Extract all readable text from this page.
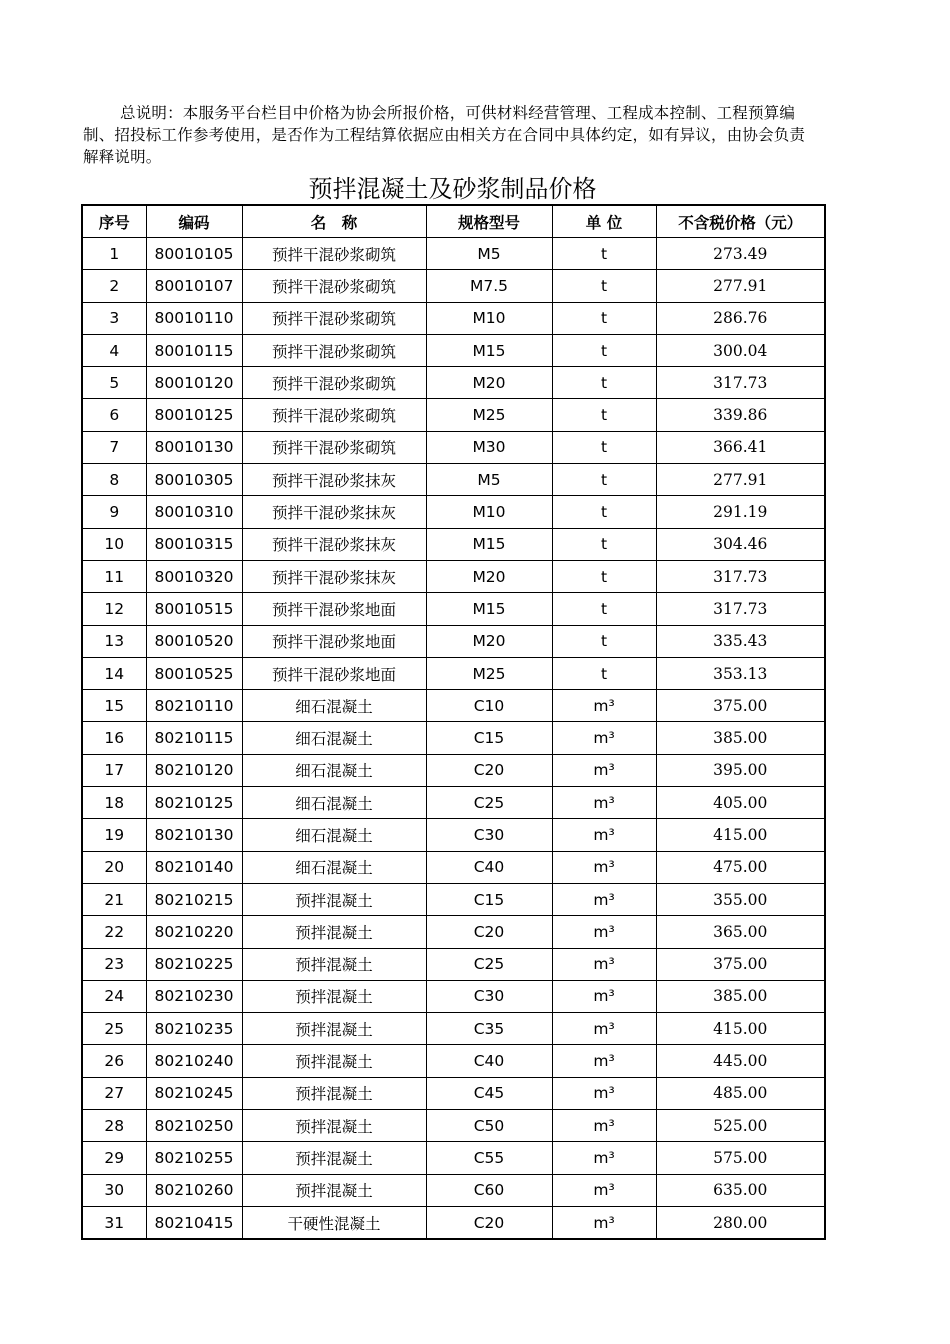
总说明：本服务平台栏目中价格为协会所报价格，可供材料经营管理、工程成本控制、工程预算编制、招投标工作参考使用，是否作为工程结算依据应由相关方在合同中具体约定，如有异议，由协会负责解释说明。

预拌混凝土及砂浆制品价格
序号	编码	名　称	规格型号	单 位	不含税价格（元）
1	80010105	预拌干混砂浆砌筑	M5	t	273.49
2	80010107	预拌干混砂浆砌筑	M7.5	t	277.91
3	80010110	预拌干混砂浆砌筑	M10	t	286.76
4	80010115	预拌干混砂浆砌筑	M15	t	300.04
5	80010120	预拌干混砂浆砌筑	M20	t	317.73
6	80010125	预拌干混砂浆砌筑	M25	t	339.86
7	80010130	预拌干混砂浆砌筑	M30	t	366.41
8	80010305	预拌干混砂浆抹灰	M5	t	277.91
9	80010310	预拌干混砂浆抹灰	M10	t	291.19
10	80010315	预拌干混砂浆抹灰	M15	t	304.46
11	80010320	预拌干混砂浆抹灰	M20	t	317.73
12	80010515	预拌干混砂浆地面	M15	t	317.73
13	80010520	预拌干混砂浆地面	M20	t	335.43
14	80010525	预拌干混砂浆地面	M25	t	353.13
15	80210110	细石混凝土	C10	m³	375.00
16	80210115	细石混凝土	C15	m³	385.00
17	80210120	细石混凝土	C20	m³	395.00
18	80210125	细石混凝土	C25	m³	405.00
19	80210130	细石混凝土	C30	m³	415.00
20	80210140	细石混凝土	C40	m³	475.00
21	80210215	预拌混凝土	C15	m³	355.00
22	80210220	预拌混凝土	C20	m³	365.00
23	80210225	预拌混凝土	C25	m³	375.00
24	80210230	预拌混凝土	C30	m³	385.00
25	80210235	预拌混凝土	C35	m³	415.00
26	80210240	预拌混凝土	C40	m³	445.00
27	80210245	预拌混凝土	C45	m³	485.00
28	80210250	预拌混凝土	C50	m³	525.00
29	80210255	预拌混凝土	C55	m³	575.00
30	80210260	预拌混凝土	C60	m³	635.00
31	80210415	干硬性混凝土	C20	m³	280.00
